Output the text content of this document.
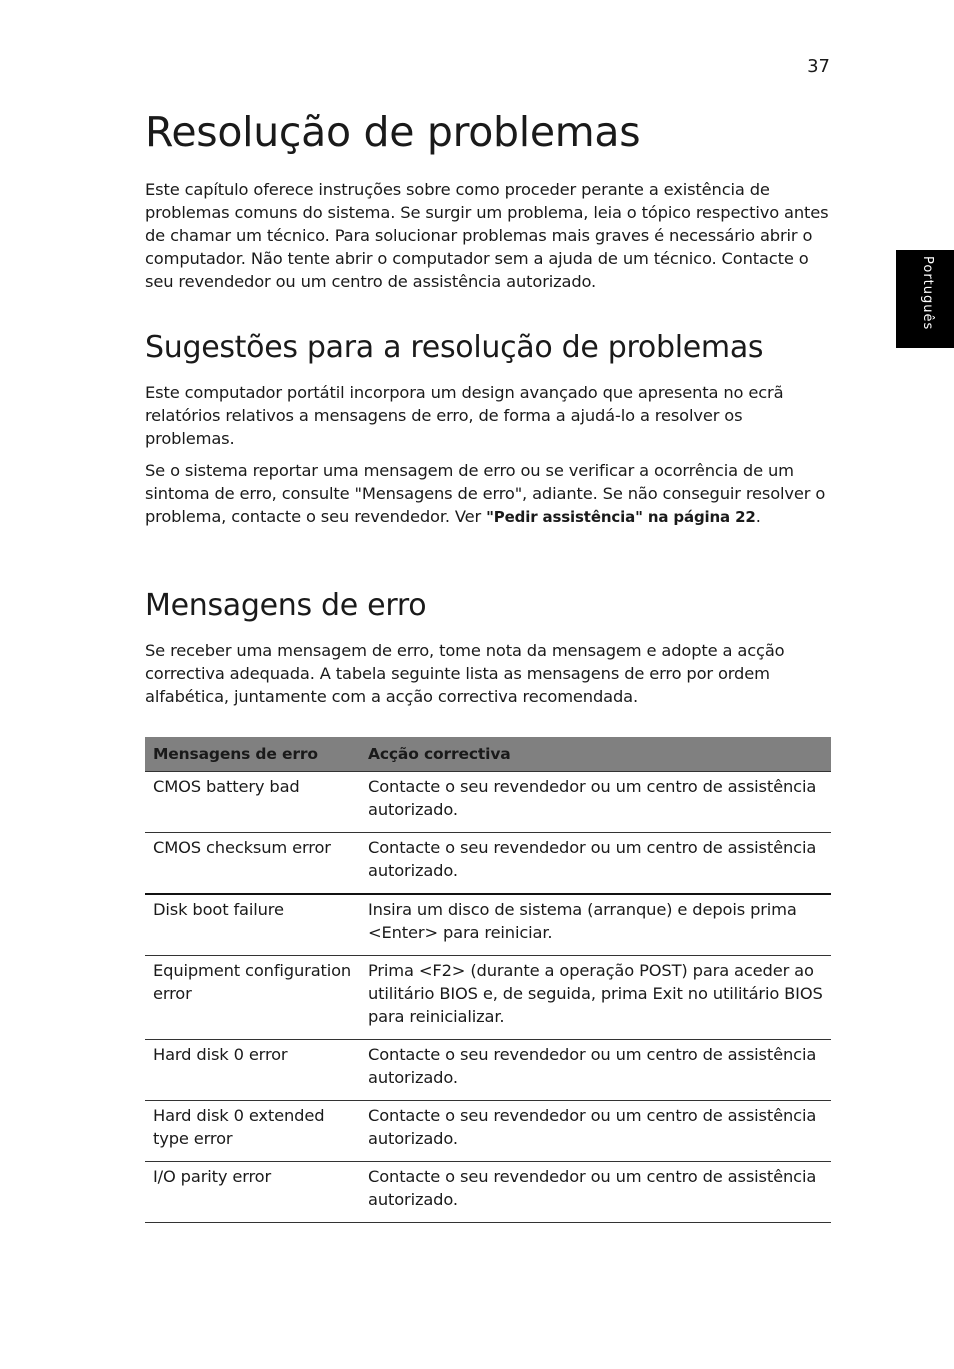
37
Português
Resolução de problemas

Este capítulo oferece instruções sobre como proceder perante a existência de problemas comuns do sistema. Se surgir um problema, leia o tópico respectivo antes de chamar um técnico. Para solucionar problemas mais graves é necessário abrir o computador. Não tente abrir o computador sem a ajuda de um técnico. Contacte o seu revendedor ou um centro de assistência autorizado.

Sugestões para a resolução de problemas

Este computador portátil incorpora um design avançado que apresenta no ecrã relatórios relativos a mensagens de erro, de forma a ajudá-lo a resolver os problemas.

Se o sistema reportar uma mensagem de erro ou se verificar a ocorrência de um sintoma de erro, consulte "Mensagens de erro", adiante. Se não conseguir resolver o problema, contacte o seu revendedor. Ver "Pedir assistência" na página 22.

Mensagens de erro

Se receber uma mensagem de erro, tome nota da mensagem e adopte a acção correctiva adequada. A tabela seguinte lista as mensagens de erro por ordem alfabética, juntamente com a acção correctiva recomendada.

Mensagens de erro	Acção correctiva
CMOS battery bad	Contacte o seu revendedor ou um centro de assistência autorizado.
CMOS checksum error	Contacte o seu revendedor ou um centro de assistência autorizado.
Disk boot failure	Insira um disco de sistema (arranque) e depois prima <Enter> para reiniciar.
Equipment configuration error	Prima <F2> (durante a operação POST) para aceder ao utilitário BIOS e, de seguida, prima Exit no utilitário BIOS para reinicializar.
Hard disk 0 error	Contacte o seu revendedor ou um centro de assistência autorizado.
Hard disk 0 extended type error	Contacte o seu revendedor ou um centro de assistência autorizado.
I/O parity error	Contacte o seu revendedor ou um centro de assistência autorizado.
